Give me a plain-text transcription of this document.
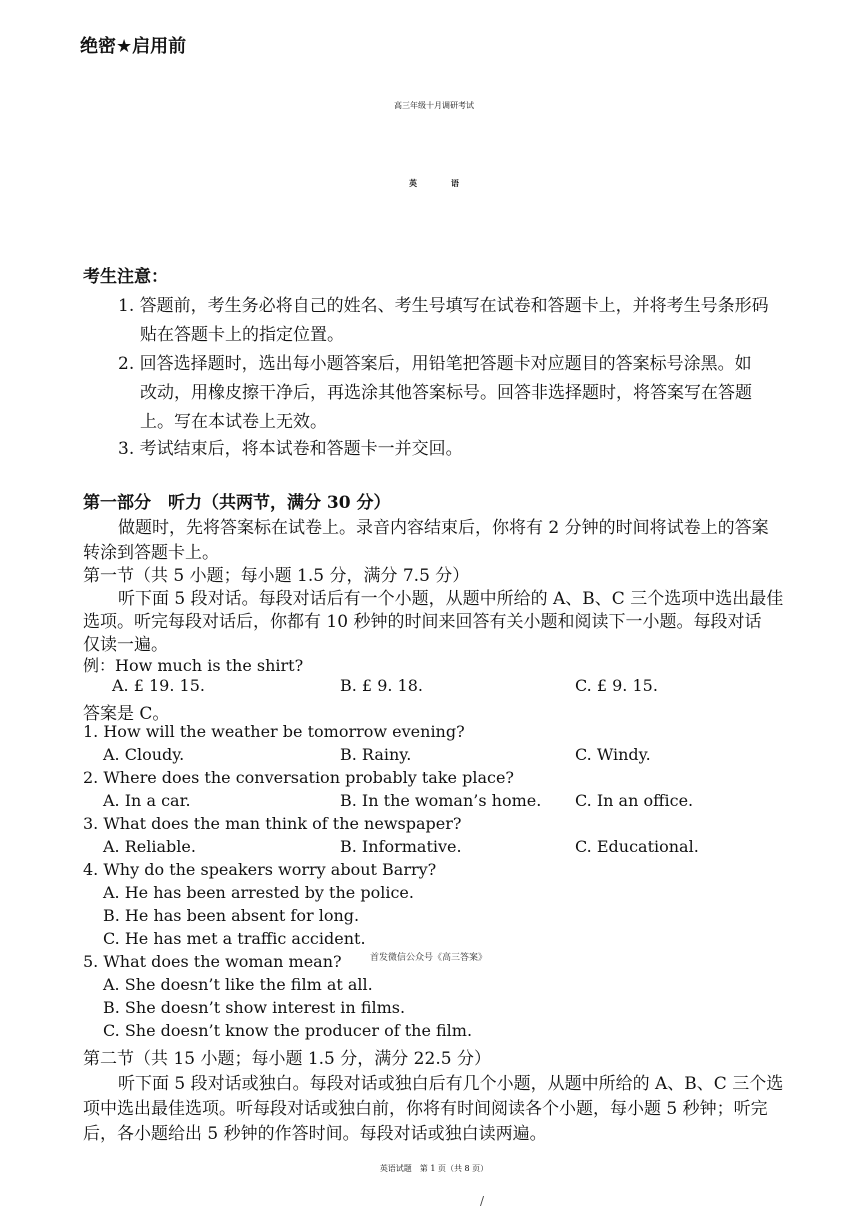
绝密★启用前
高三年级十月调研考试
英语
考生注意：
1. 答题前，考生务必将自己的姓名、考生号填写在试卷和答题卡上，并将考生号条形码
贴在答题卡上的指定位置。
2. 回答选择题时，选出每小题答案后，用铅笔把答题卡对应题目的答案标号涂黑。如
改动，用橡皮擦干净后，再选涂其他答案标号。回答非选择题时，将答案写在答题
上。写在本试卷上无效。
3. 考试结束后，将本试卷和答题卡一并交回。
第一部分　听力（共两节，满分 30 分）
做题时，先将答案标在试卷上。录音内容结束后，你将有 2 分钟的时间将试卷上的答案
转涂到答题卡上。
第一节（共 5 小题；每小题 1.5 分，满分 7.5 分）
听下面 5 段对话。每段对话后有一个小题，从题中所给的 A、B、C 三个选项中选出最佳
选项。听完每段对话后，你都有 10 秒钟的时间来回答有关小题和阅读下一小题。每段对话
仅读一遍。
例：How much is the shirt?
A. £ 19. 15.	B. £ 9. 18.	C. £ 9. 15.
答案是 C。
1. How will the weather be tomorrow evening?
A. Cloudy.	B. Rainy.	C. Windy.
2. Where does the conversation probably take place?
A. In a car.	B. In the woman’s home. C. In an office.
3. What does the man think of the newspaper?
A. Reliable.	B. Informative.	C. Educational.
4. Why do the speakers worry about Barry?
A. He has been arrested by the police.
B. He has been absent for long.
C. He has met a traffic accident.
首发微信公众号《高三答案》
5. What does the woman mean?
A. She doesn’t like the film at all.
B. She doesn’t show interest in films.
C. She doesn’t know the producer of the film.
第二节（共 15 小题；每小题 1.5 分，满分 22.5 分）
听下面 5 段对话或独白。每段对话或独白后有几个小题，从题中所给的 A、B、C 三个选
项中选出最佳选项。听每段对话或独白前，你将有时间阅读各个小题，每小题 5 秒钟；听完
后，各小题给出 5 秒钟的作答时间。每段对话或独白读两遍。
英语试题　第 1 页（共 8 页）
/
